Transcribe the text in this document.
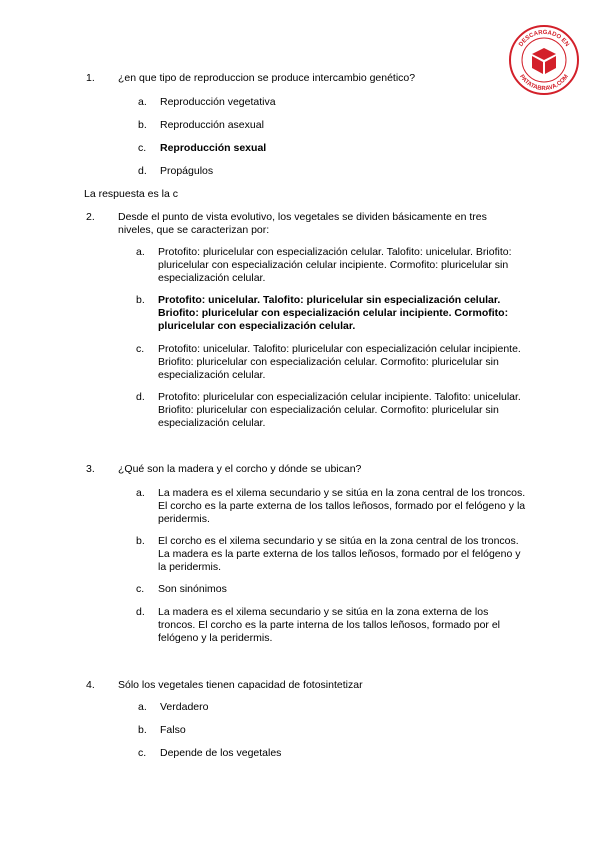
DESCARGADO EN
PATATABRAVA.COM
1. ¿en que tipo de reproduccion se produce intercambio genético?
a. Reproducción vegetativa
b. Reproducción asexual
c. Reproducción sexual
d. Propágulos
La respuesta es la c
2. Desde el punto de vista evolutivo, los vegetales se dividen básicamente en tres niveles, que se caracterizan por:
a. Protofito: pluricelular con especialización celular. Talofito: unicelular. Briofito: pluricelular con especialización celular incipiente. Cormofito: pluricelular sin especialización celular.
b. Protofito: unicelular. Talofito: pluricelular sin especialización celular. Briofito: pluricelular con especialización celular incipiente. Cormofito: pluricelular con especialización celular.
c. Protofito: unicelular. Talofito: pluricelular con especialización celular incipiente. Briofito: pluricelular con especialización celular. Cormofito: pluricelular sin especialización celular.
d. Protofito: pluricelular con especialización celular incipiente. Talofito: unicelular. Briofito: pluricelular con especialización celular. Cormofito: pluricelular sin especialización celular.
3. ¿Qué son la madera y el corcho y dónde se ubican?
a. La madera es el xilema secundario y se sitúa en la zona central de los troncos. El corcho es la parte externa de los tallos leñosos, formado por el felógeno y la peridermis.
b. El corcho es el xilema secundario y se sitúa en la zona central de los troncos. La madera es la parte externa de los tallos leñosos, formado por el felógeno y la peridermis.
c. Son sinónimos
d. La madera es el xilema secundario y se sitúa en la zona externa de los troncos. El corcho es la parte interna de los tallos leñosos, formado por el felógeno y la peridermis.
4. Sólo los vegetales tienen capacidad de fotosintetizar
a. Verdadero
b. Falso
c. Depende de los vegetales
